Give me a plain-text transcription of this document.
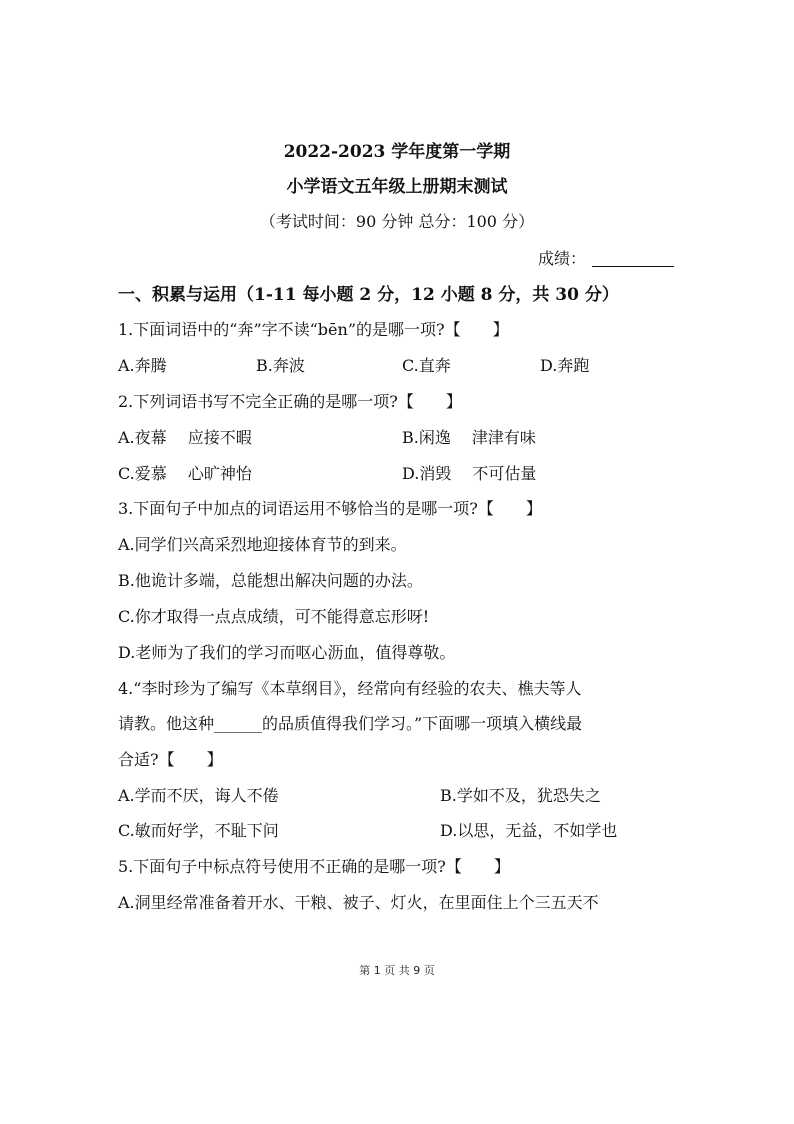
2022-2023 学年度第一学期
小学语文五年级上册期末测试
（考试时间：90 分钟 总分：100 分）
成绩：
一、积累与运用（1-11 每小题 2 分，12 小题 8 分，共 30 分）
1.下面词语中的“奔”字不读“bēn”的是哪一项?【　　】
A.奔腾	B.奔波	C.直奔	D.奔跑
2.下列词语书写不完全正确的是哪一项?【　　】
A.夜幕　 应接不暇	B.闲逸　 津津有味
C.爱慕　 心旷神怡	D.消毁　 不可估量
3.下面句子中加点的词语运用不够恰当的是哪一项?【　　】
A.同学们兴高采烈地迎接体育节的到来。
B.他诡计多端，总能想出解决问题的办法。
C.你才取得一点点成绩，可不能得意忘形呀!
D.老师为了我们的学习而呕心沥血，值得尊敬。
4.“李时珍为了编写《本草纲目》，经常向有经验的农夫、樵夫等人
请教。他这种______的品质值得我们学习。”下面哪一项填入横线最
合适?【　　】
A.学而不厌，诲人不倦	B.学如不及，犹恐失之
C.敏而好学，不耻下问	D.以思，无益，不如学也
5.下面句子中标点符号使用不正确的是哪一项?【　　】
A.洞里经常准备着开水、干粮、被子、灯火，在里面住上个三五天不
第 1 页 共 9 页
